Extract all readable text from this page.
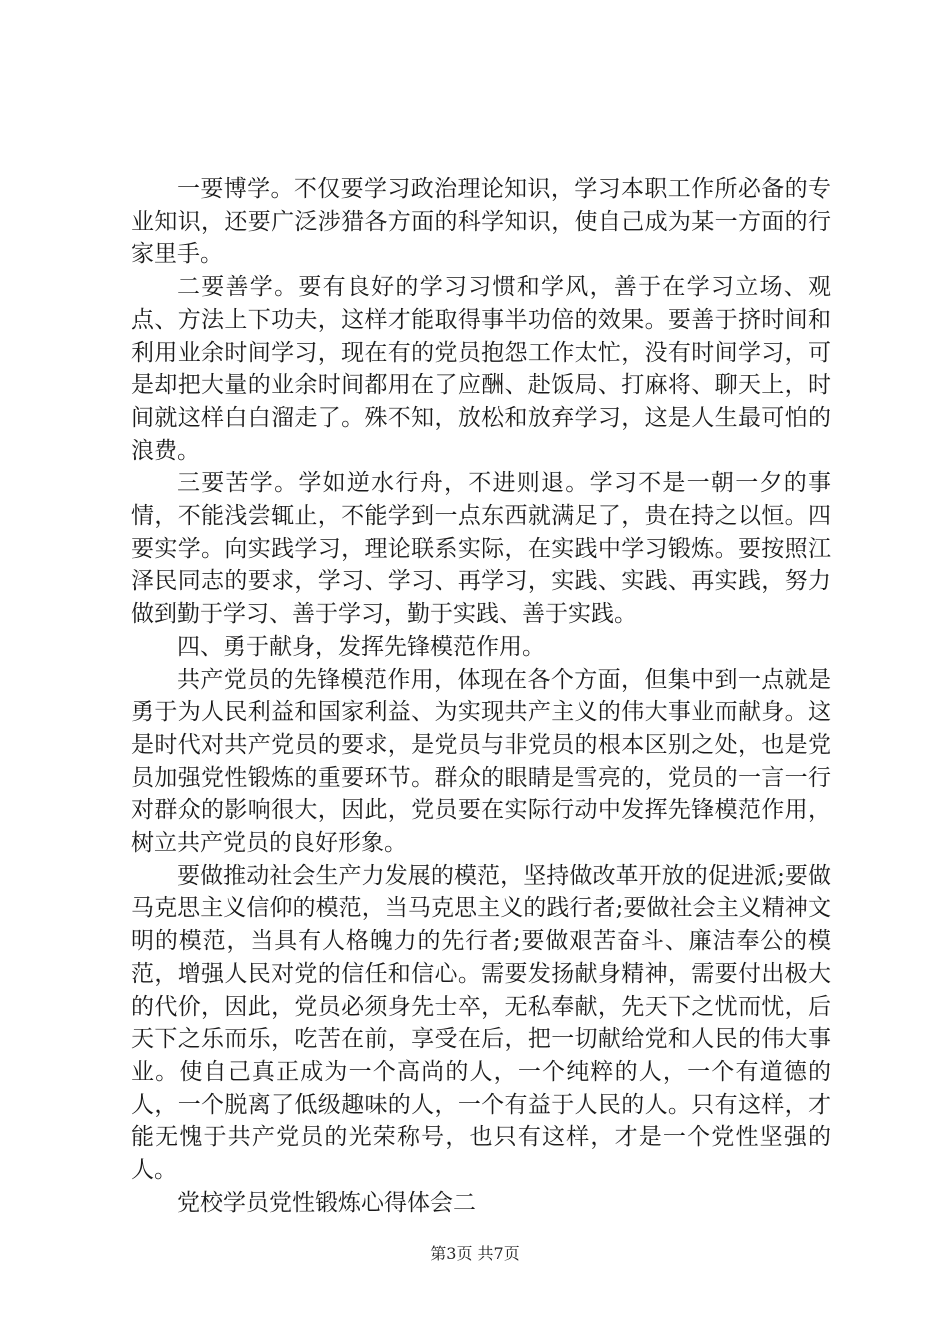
一要博学。不仅要学习政治理论知识，学习本职工作所必备的专业知识，还要广泛涉猎各方面的科学知识，使自己成为某一方面的行家里手。

二要善学。要有良好的学习习惯和学风，善于在学习立场、观点、方法上下功夫，这样才能取得事半功倍的效果。要善于挤时间和利用业余时间学习，现在有的党员抱怨工作太忙，没有时间学习，可是却把大量的业余时间都用在了应酬、赴饭局、打麻将、聊天上，时间就这样白白溜走了。殊不知，放松和放弃学习，这是人生最可怕的浪费。

三要苦学。学如逆水行舟，不进则退。学习不是一朝一夕的事情，不能浅尝辄止，不能学到一点东西就满足了，贵在持之以恒。四要实学。向实践学习，理论联系实际，在实践中学习锻炼。要按照江泽民同志的要求，学习、学习、再学习，实践、实践、再实践，努力做到勤于学习、善于学习，勤于实践、善于实践。

四、勇于献身，发挥先锋模范作用。

共产党员的先锋模范作用，体现在各个方面，但集中到一点就是勇于为人民利益和国家利益、为实现共产主义的伟大事业而献身。这是时代对共产党员的要求，是党员与非党员的根本区别之处，也是党员加强党性锻炼的重要环节。群众的眼睛是雪亮的，党员的一言一行对群众的影响很大，因此，党员要在实际行动中发挥先锋模范作用，树立共产党员的良好形象。

要做推动社会生产力发展的模范，坚持做改革开放的促进派;要做马克思主义信仰的模范，当马克思主义的践行者;要做社会主义精神文明的模范，当具有人格魄力的先行者;要做艰苦奋斗、廉洁奉公的模范，增强人民对党的信任和信心。需要发扬献身精神，需要付出极大的代价，因此，党员必须身先士卒，无私奉献，先天下之忧而忧，后天下之乐而乐，吃苦在前，享受在后，把一切献给党和人民的伟大事业。使自己真正成为一个高尚的人，一个纯粹的人，一个有道德的人，一个脱离了低级趣味的人，一个有益于人民的人。只有这样，才能无愧于共产党员的光荣称号，也只有这样，才是一个党性坚强的人。

党校学员党性锻炼心得体会二

第3页 共7页
